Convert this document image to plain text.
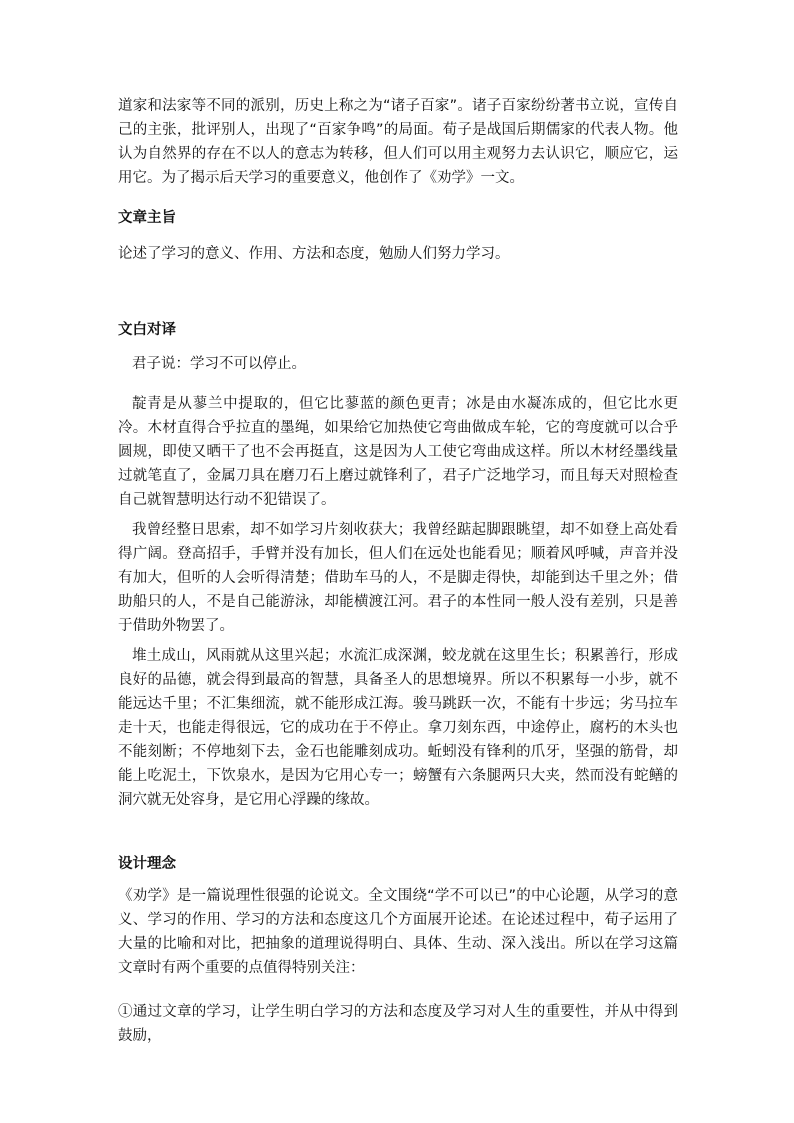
道家和法家等不同的派别，历史上称之为“诸子百家”。诸子百家纷纷著书立说，宣传自己的主张，批评别人，出现了“百家争鸣”的局面。荀子是战国后期儒家的代表人物。他认为自然界的存在不以人的意志为转移，但人们可以用主观努力去认识它，顺应它，运用它。为了揭示后天学习的重要意义，他创作了《劝学》一文。

文章主旨

论述了学习的意义、作用、方法和态度，勉励人们努力学习。

文白对译

君子说：学习不可以停止。

靛青是从蓼兰中提取的，但它比蓼蓝的颜色更青；冰是由水凝冻成的，但它比水更冷。木材直得合乎拉直的墨绳，如果给它加热使它弯曲做成车轮，它的弯度就可以合乎圆规，即使又晒干了也不会再挺直，这是因为人工使它弯曲成这样。所以木材经墨线量过就笔直了，金属刀具在磨刀石上磨过就锋利了，君子广泛地学习，而且每天对照检查自己就智慧明达行动不犯错误了。

我曾经整日思索，却不如学习片刻收获大；我曾经踮起脚跟眺望，却不如登上高处看得广阔。登高招手，手臂并没有加长，但人们在远处也能看见；顺着风呼喊，声音并没有加大，但听的人会听得清楚；借助车马的人，不是脚走得快，却能到达千里之外；借助船只的人，不是自己能游泳，却能横渡江河。君子的本性同一般人没有差别，只是善于借助外物罢了。

堆土成山，风雨就从这里兴起；水流汇成深渊，蛟龙就在这里生长；积累善行，形成良好的品德，就会得到最高的智慧，具备圣人的思想境界。所以不积累每一小步，就不能远达千里；不汇集细流，就不能形成江海。骏马跳跃一次，不能有十步远；劣马拉车走十天，也能走得很远，它的成功在于不停止。拿刀刻东西，中途停止，腐朽的木头也不能刻断；不停地刻下去，金石也能雕刻成功。蚯蚓没有锋利的爪牙，坚强的筋骨，却能上吃泥土，下饮泉水，是因为它用心专一；螃蟹有六条腿两只大夹，然而没有蛇鳝的洞穴就无处容身，是它用心浮躁的缘故。

设计理念

《劝学》是一篇说理性很强的论说文。全文围绕“学不可以已”的中心论题，从学习的意义、学习的作用、学习的方法和态度这几个方面展开论述。在论述过程中，荀子运用了大量的比喻和对比，把抽象的道理说得明白、具体、生动、深入浅出。所以在学习这篇文章时有两个重要的点值得特别关注：

①通过文章的学习，让学生明白学习的方法和态度及学习对人生的重要性，并从中得到鼓励，
